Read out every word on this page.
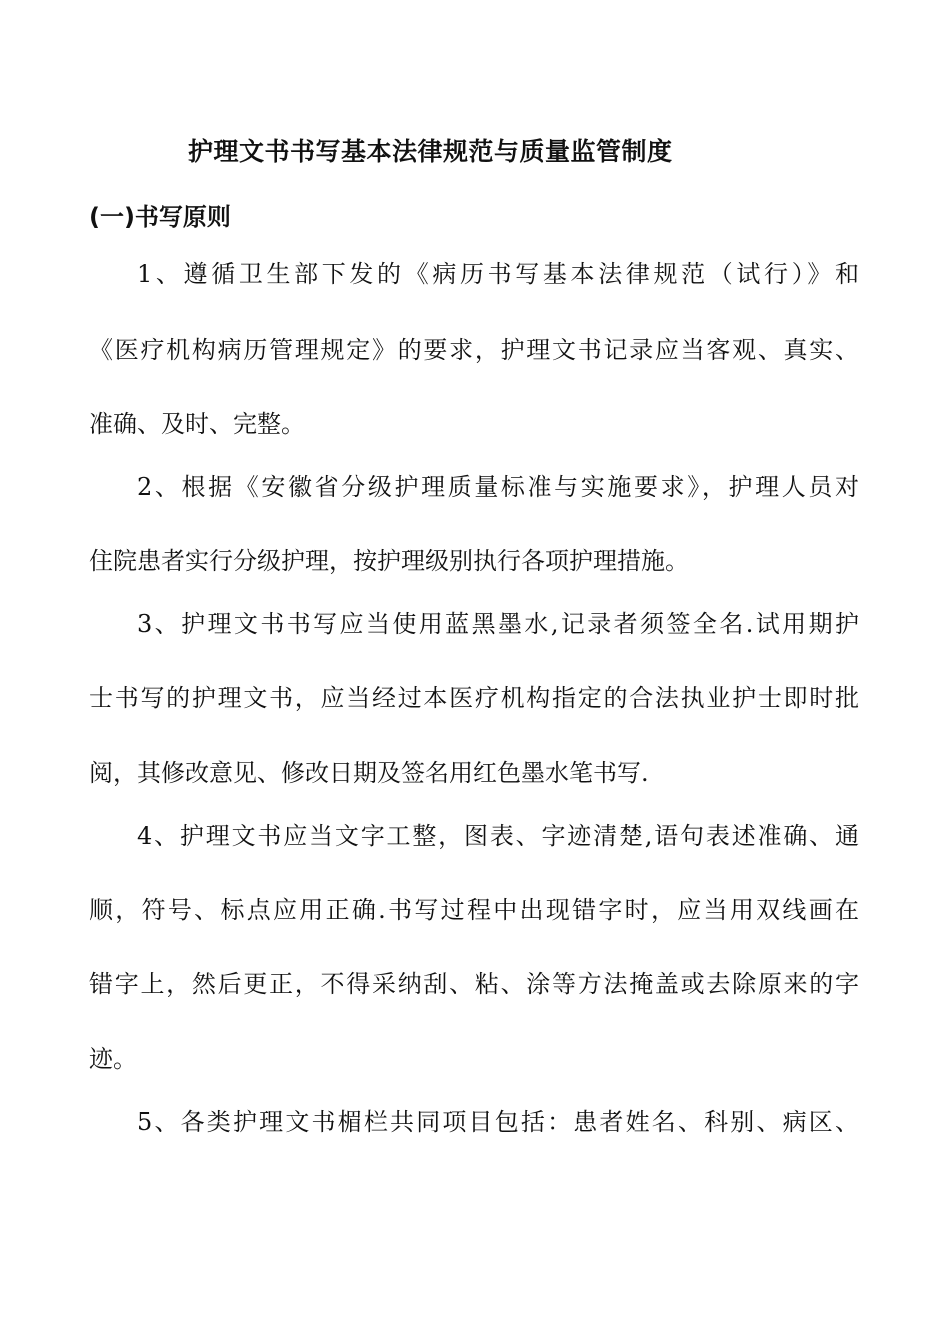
护理文书书写基本法律规范与质量监管制度
(一)书写原则
1、遵循卫生部下发的《病历书写基本法律规范（试行）》和
《医疗机构病历管理规定》的要求，护理文书记录应当客观、真实、
准确、及时、完整。
2、根据《安徽省分级护理质量标准与实施要求》，护理人员对
住院患者实行分级护理，按护理级别执行各项护理措施。
3、护理文书书写应当使用蓝黑墨水,记录者须签全名.试用期护
士书写的护理文书，应当经过本医疗机构指定的合法执业护士即时批
阅，其修改意见、修改日期及签名用红色墨水笔书写.
4、护理文书应当文字工整，图表、字迹清楚,语句表述准确、通
顺，符号、标点应用正确.书写过程中出现错字时，应当用双线画在
错字上，然后更正，不得采纳刮、粘、涂等方法掩盖或去除原来的字
迹。
5、各类护理文书楣栏共同项目包括：患者姓名、科别、病区、
